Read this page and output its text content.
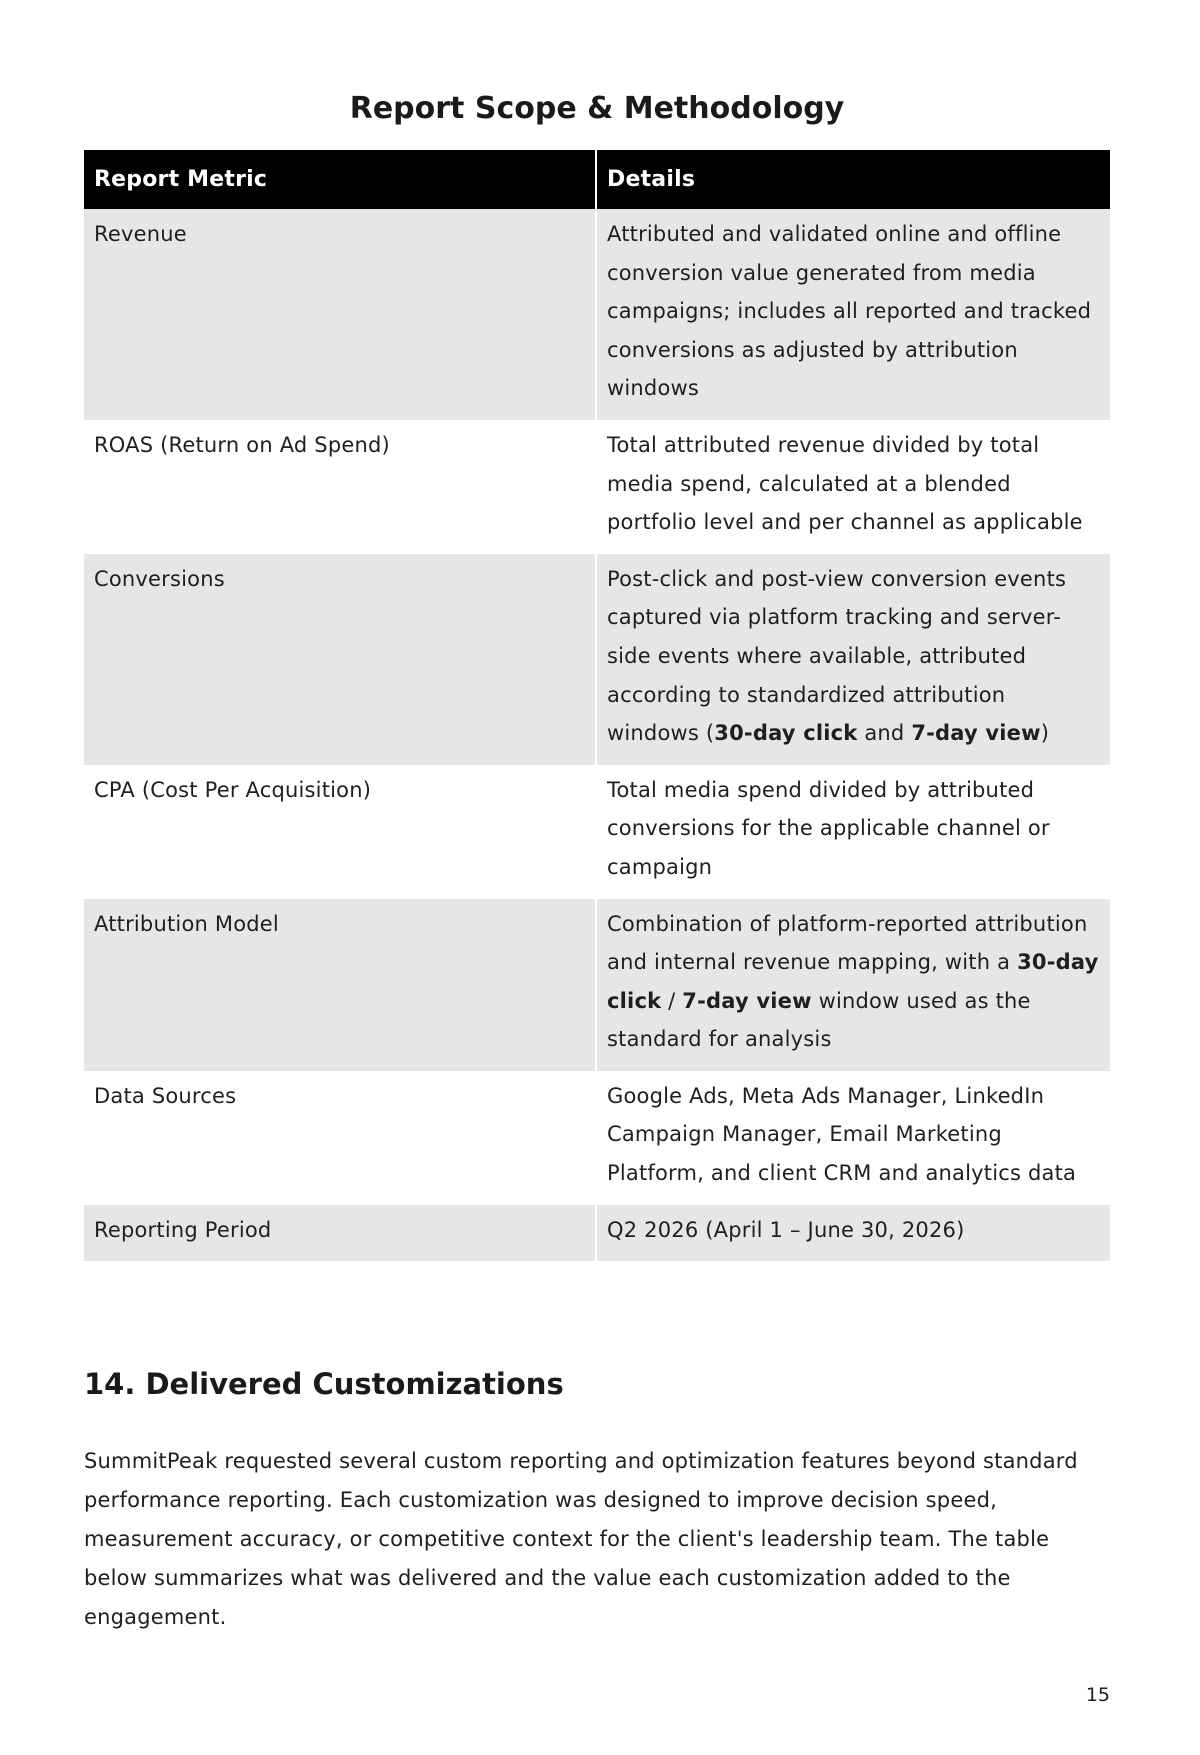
Report Scope & Methodology
Report Metric	Details

Revenue	Attributed and validated online and offline conversion value generated from media campaigns; includes all reported and tracked conversions as adjusted by attribution windows

ROAS (Return on Ad Spend)	Total attributed revenue divided by total media spend, calculated at a blended portfolio level and per channel as applicable

Conversions	Post-click and post-view conversion events captured via platform tracking and server-side events where available, attributed according to standardized attribution windows (30-day click and 7-day view)

CPA (Cost Per Acquisition)	Total media spend divided by attributed conversions for the applicable channel or campaign

Attribution Model	Combination of platform-reported attribution and internal revenue mapping, with a 30-day click / 7-day view window used as the standard for analysis

Data Sources	Google Ads, Meta Ads Manager, LinkedIn Campaign Manager, Email Marketing Platform, and client CRM and analytics data

Reporting Period	Q2 2026 (April 1 – June 30, 2026)

14. Delivered Customizations

SummitPeak requested several custom reporting and optimization features beyond standard performance reporting. Each customization was designed to improve decision speed, measurement accuracy, or competitive context for the client's leadership team. The table below summarizes what was delivered and the value each customization added to the engagement.

15
